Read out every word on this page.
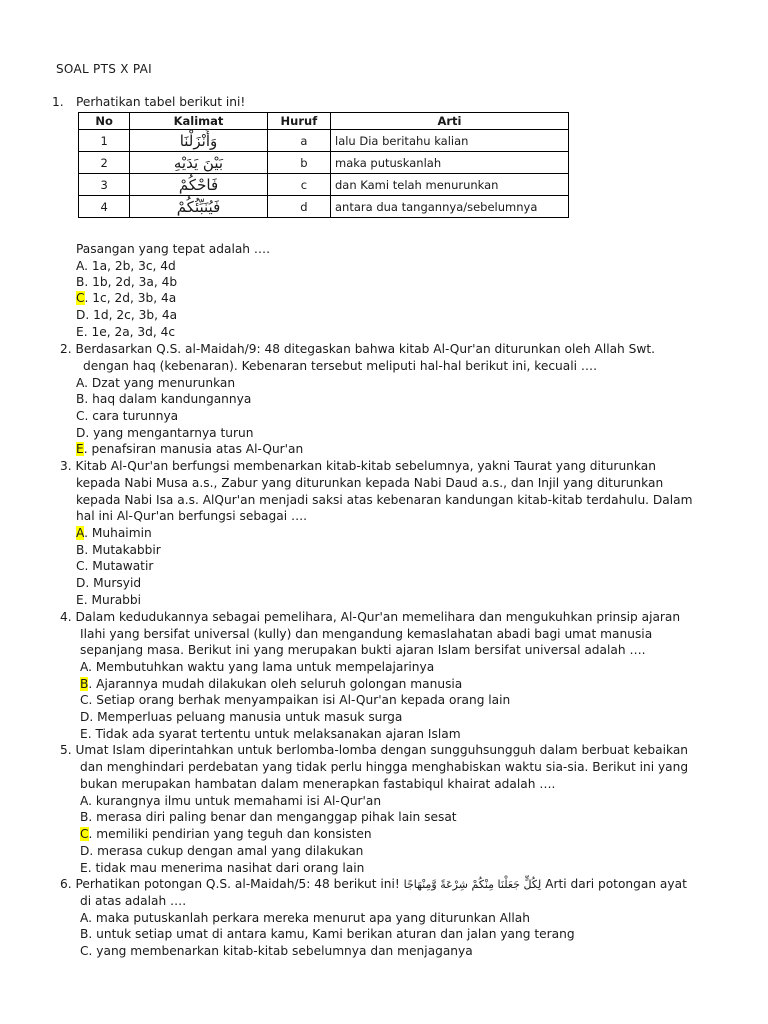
SOAL PTS X PAI
1. Perhatikan tabel berikut ini!
No	Kalimat	Huruf	Arti
1	وَأَنْزَلْنَا	a	lalu Dia beritahu kalian
2	بَيْنَ يَدَيْهِ	b	maka putuskanlah
3	فَاحْكُمْ	c	dan Kami telah menurunkan
4	فَيُنَبِّئُكُمْ	d	antara dua tangannya/sebelumnya
Pasangan yang tepat adalah ….
A. 1a, 2b, 3c, 4d
B. 1b, 2d, 3a, 4b
C. 1c, 2d, 3b, 4a
D. 1d, 2c, 3b, 4a
E. 1e, 2a, 3d, 4c
2. Berdasarkan Q.S. al-Maidah/9: 48 ditegaskan bahwa kitab Al-Qur'an diturunkan oleh Allah Swt.
dengan haq (kebenaran). Kebenaran tersebut meliputi hal-hal berikut ini, kecuali ….
A. Dzat yang menurunkan
B. haq dalam kandungannya
C. cara turunnya
D. yang mengantarnya turun
E. penafsiran manusia atas Al-Qur'an
3. Kitab Al-Qur'an berfungsi membenarkan kitab-kitab sebelumnya, yakni Taurat yang diturunkan
kepada Nabi Musa a.s., Zabur yang diturunkan kepada Nabi Daud a.s., dan Injil yang diturunkan
kepada Nabi Isa a.s. AlQur'an menjadi saksi atas kebenaran kandungan kitab-kitab terdahulu. Dalam
hal ini Al-Qur'an berfungsi sebagai ….
A. Muhaimin
B. Mutakabbir
C. Mutawatir
D. Mursyid
E. Murabbi
4. Dalam kedudukannya sebagai pemelihara, Al-Qur'an memelihara dan mengukuhkan prinsip ajaran
Ilahi yang bersifat universal (kully) dan mengandung kemaslahatan abadi bagi umat manusia
sepanjang masa. Berikut ini yang merupakan bukti ajaran Islam bersifat universal adalah ….
A. Membutuhkan waktu yang lama untuk mempelajarinya
B. Ajarannya mudah dilakukan oleh seluruh golongan manusia
C. Setiap orang berhak menyampaikan isi Al-Qur'an kepada orang lain
D. Memperluas peluang manusia untuk masuk surga
E. Tidak ada syarat tertentu untuk melaksanakan ajaran Islam
5. Umat Islam diperintahkan untuk berlomba-lomba dengan sungguhsungguh dalam berbuat kebaikan
dan menghindari perdebatan yang tidak perlu hingga menghabiskan waktu sia-sia. Berikut ini yang
bukan merupakan hambatan dalam menerapkan fastabiqul khairat adalah ….
A. kurangnya ilmu untuk memahami isi Al-Qur'an
B. merasa diri paling benar dan menganggap pihak lain sesat
C. memiliki pendirian yang teguh dan konsisten
D. merasa cukup dengan amal yang dilakukan
E. tidak mau menerima nasihat dari orang lain
6. Perhatikan potongan Q.S. al-Maidah/5: 48 berikut ini! لِكُلٍّ جَعَلْنَا مِنْكُمْ شِرْعَةً وَّمِنْهَاجًا Arti dari potongan ayat
di atas adalah ….
A. maka putuskanlah perkara mereka menurut apa yang diturunkan Allah
B. untuk setiap umat di antara kamu, Kami berikan aturan dan jalan yang terang
C. yang membenarkan kitab-kitab sebelumnya dan menjaganya
